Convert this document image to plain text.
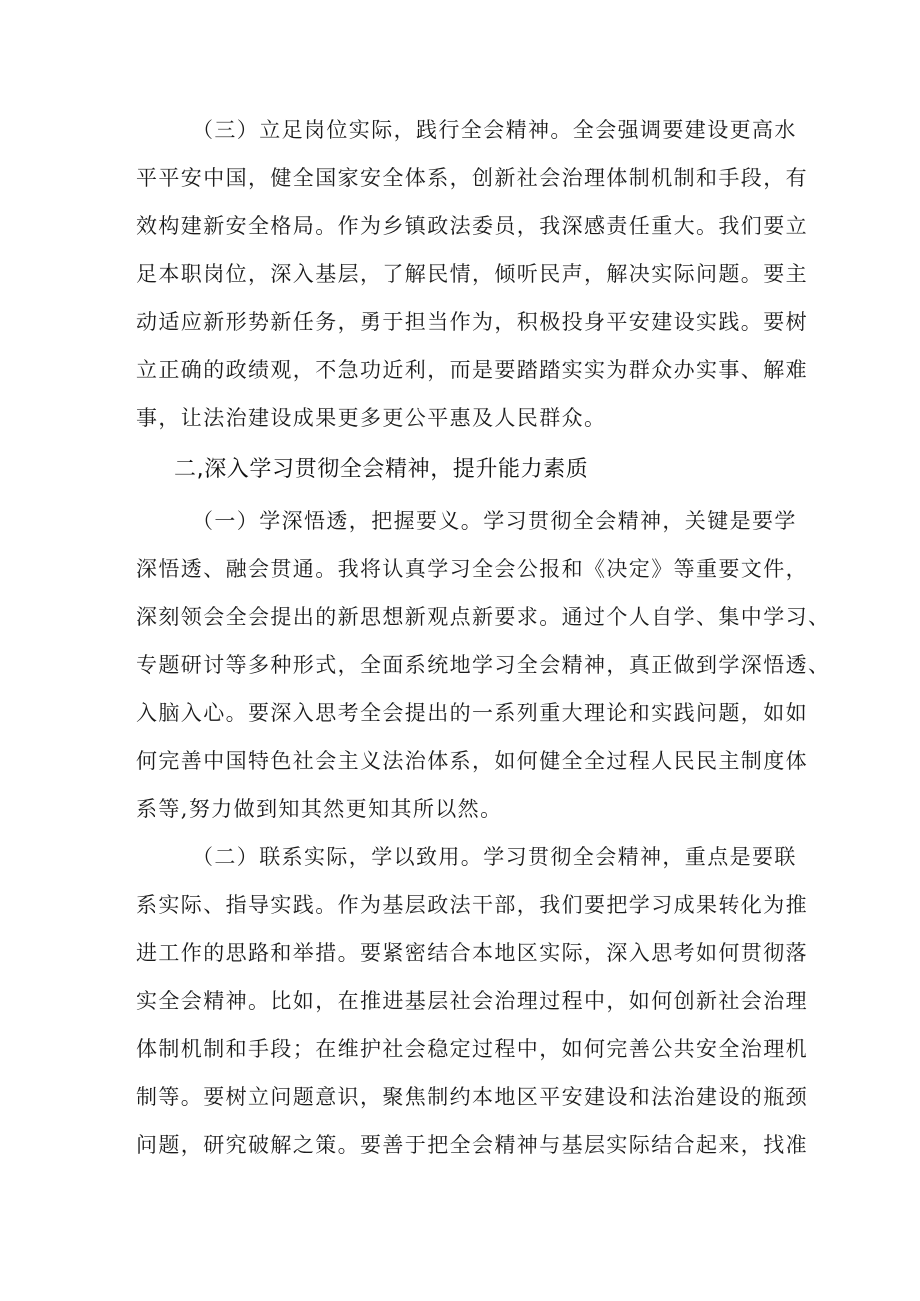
（三）立足岗位实际，践行全会精神。全会强调要建设更高水
平平安中国，健全国家安全体系，创新社会治理体制机制和手段，有
效构建新安全格局。作为乡镇政法委员，我深感责任重大。我们要立
足本职岗位，深入基层，了解民情，倾听民声，解决实际问题。要主
动适应新形势新任务，勇于担当作为，积极投身平安建设实践。要树
立正确的政绩观，不急功近利，而是要踏踏实实为群众办实事、解难
事，让法治建设成果更多更公平惠及人民群众。
二,深入学习贯彻全会精神，提升能力素质
（一）学深悟透，把握要义。学习贯彻全会精神，关键是要学
深悟透、融会贯通。我将认真学习全会公报和《决定》等重要文件，
深刻领会全会提出的新思想新观点新要求。通过个人自学、集中学习、
专题研讨等多种形式，全面系统地学习全会精神，真正做到学深悟透、
入脑入心。要深入思考全会提出的一系列重大理论和实践问题，如如
何完善中国特色社会主义法治体系，如何健全全过程人民民主制度体
系等,努力做到知其然更知其所以然。
（二）联系实际，学以致用。学习贯彻全会精神，重点是要联
系实际、指导实践。作为基层政法干部，我们要把学习成果转化为推
进工作的思路和举措。要紧密结合本地区实际，深入思考如何贯彻落
实全会精神。比如，在推进基层社会治理过程中，如何创新社会治理
体制机制和手段；在维护社会稳定过程中，如何完善公共安全治理机
制等。要树立问题意识，聚焦制约本地区平安建设和法治建设的瓶颈
问题，研究破解之策。要善于把全会精神与基层实际结合起来，找准
